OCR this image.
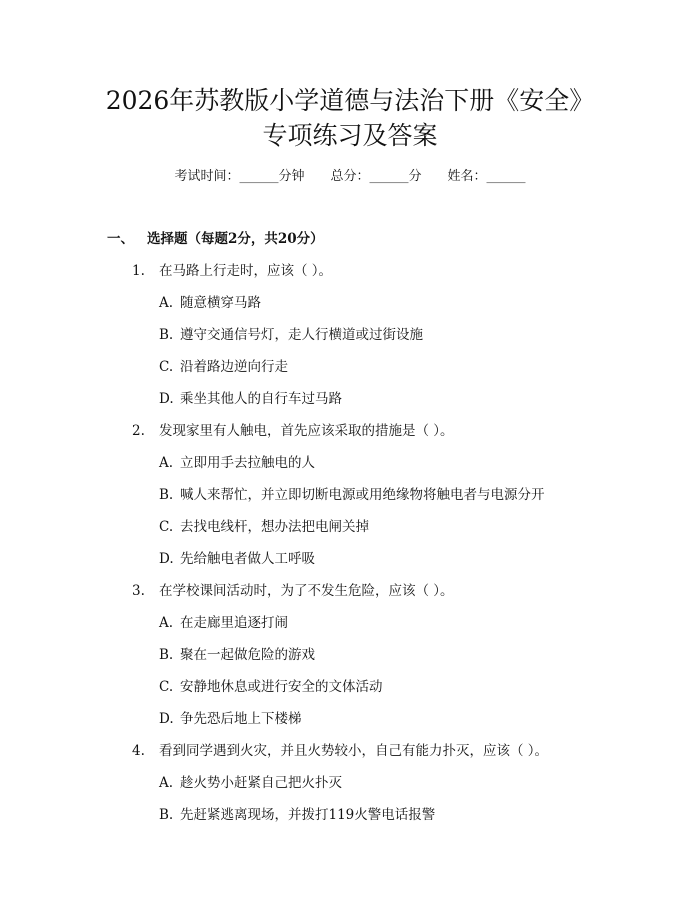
2026年苏教版小学道德与法治下册《安全》
专项练习及答案
考试时间：______分钟 总分：______分 姓名：______
一、 选择题（每题2分，共20分）
1. 在马路上行走时，应该（ ）。
A. 随意横穿马路
B. 遵守交通信号灯，走人行横道或过街设施
C. 沿着路边逆向行走
D. 乘坐其他人的自行车过马路
2. 发现家里有人触电，首先应该采取的措施是（ ）。
A. 立即用手去拉触电的人
B. 喊人来帮忙，并立即切断电源或用绝缘物将触电者与电源分开
C. 去找电线杆，想办法把电闸关掉
D. 先给触电者做人工呼吸
3. 在学校课间活动时，为了不发生危险，应该（ ）。
A. 在走廊里追逐打闹
B. 聚在一起做危险的游戏
C. 安静地休息或进行安全的文体活动
D. 争先恐后地上下楼梯
4. 看到同学遇到火灾，并且火势较小，自己有能力扑灭，应该（ ）。
A. 趁火势小赶紧自己把火扑灭
B. 先赶紧逃离现场，并拨打119火警电话报警
